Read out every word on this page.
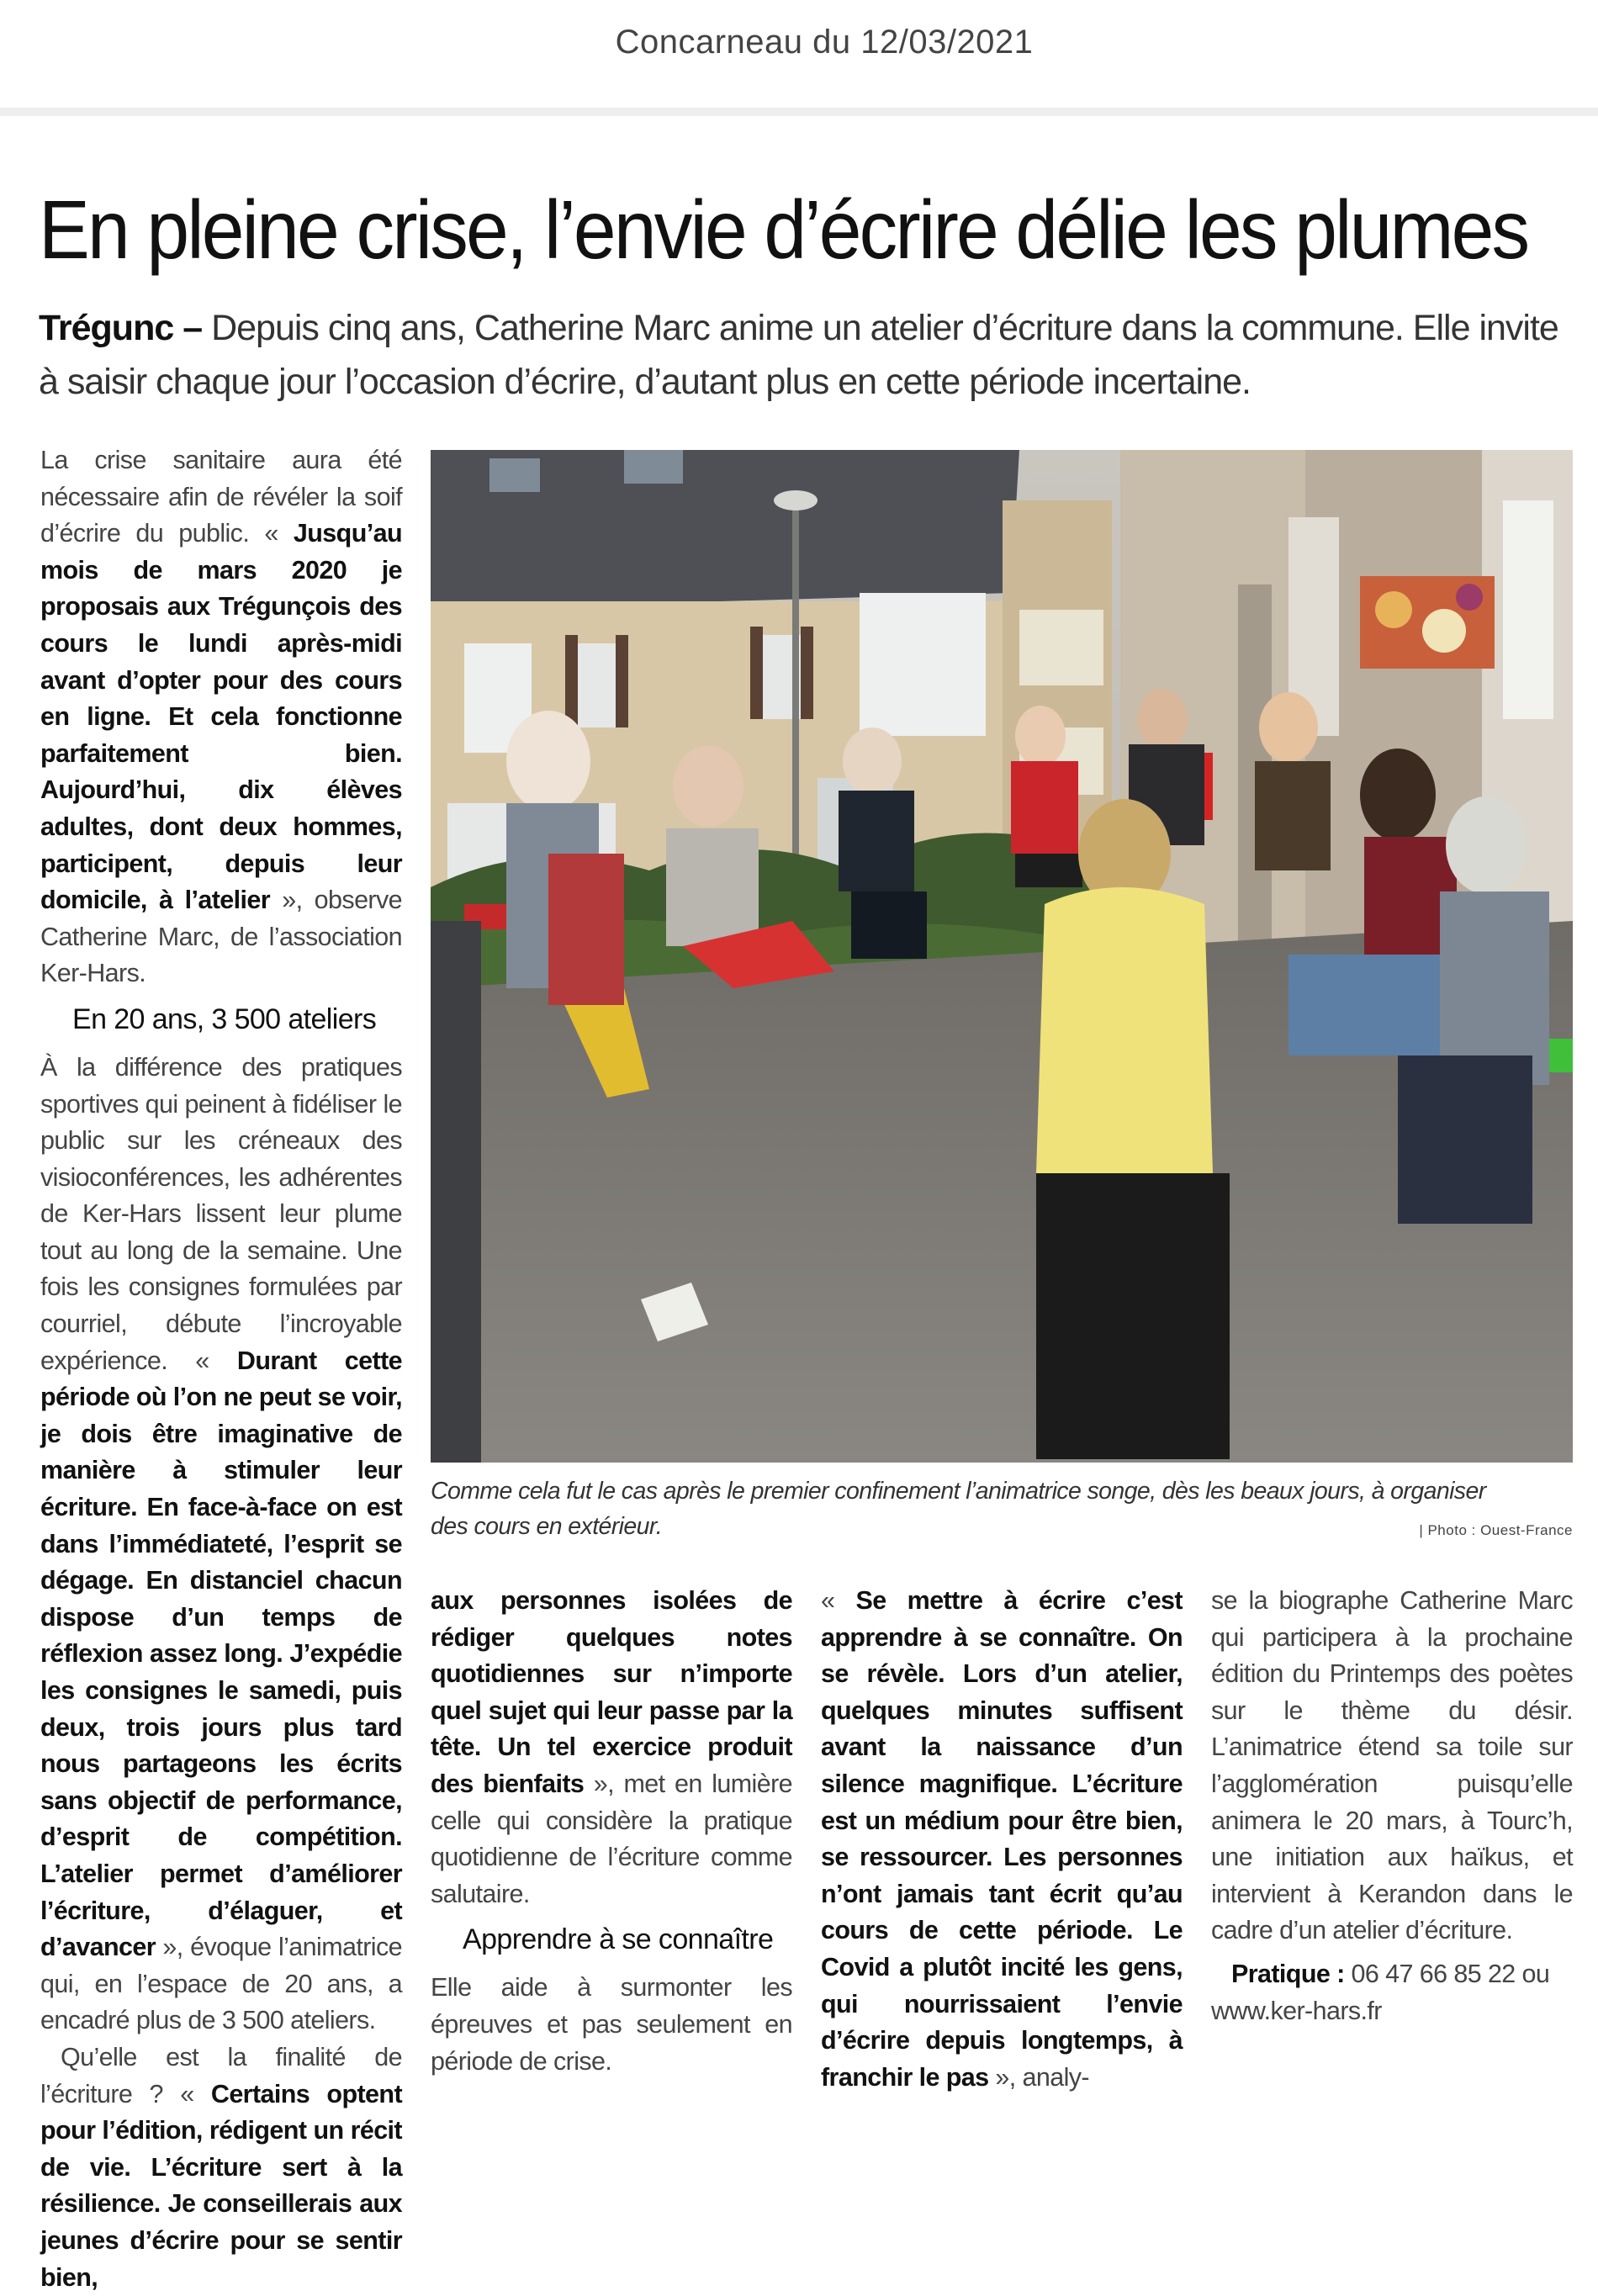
Concarneau du 12/03/2021
En pleine crise, l’envie d’écrire délie les plumes
Trégunc – Depuis cinq ans, Catherine Marc anime un atelier d’écriture dans la commune. Elle invite à saisir chaque jour l’occasion d’écrire, d’autant plus en cette période incertaine.

La crise sanitaire aura été nécessaire afin de révéler la soif d’écrire du public. « Jusqu’au mois de mars 2020 je proposais aux Trégunçois des cours le lundi après-midi avant d’opter pour des cours en ligne. Et cela fonctionne parfaitement bien. Aujourd’hui, dix élèves adultes, dont deux hommes, participent, depuis leur domicile, à l’atelier », observe Catherine Marc, de l’association Ker-Hars.

En 20 ans, 3 500 ateliers

À la différence des pratiques sportives qui peinent à fidéliser le public sur les créneaux des visioconférences, les adhérentes de Ker-Hars lissent leur plume tout au long de la semaine. Une fois les consignes formulées par courriel, débute l’incroyable expérience. « Durant cette période où l’on ne peut se voir, je dois être imaginative de manière à stimuler leur écriture. En face-à-face on est dans l’immédiateté, l’esprit se dégage. En distanciel chacun dispose d’un temps de réflexion assez long. J’expédie les consignes le samedi, puis deux, trois jours plus tard nous partageons les écrits sans objectif de performance, d’esprit de compétition. L’atelier permet d’améliorer l’écriture, d’élaguer, et d’avancer », évoque l’animatrice qui, en l’espace de 20 ans, a encadré plus de 3 500 ateliers.

Qu’elle est la finalité de l’écriture ? « Certains optent pour l’édition, rédigent un récit de vie. L’écriture sert à la résilience. Je conseillerais aux jeunes d’écrire pour se sentir bien,

Comme cela fut le cas après le premier confinement l’animatrice songe, dès les beaux jours, à organiser des cours en extérieur.	| Photo : Ouest-France

aux personnes isolées de rédiger quelques notes quotidiennes sur n’importe quel sujet qui leur passe par la tête. Un tel exercice produit des bienfaits », met en lumière celle qui considère la pratique quotidienne de l’écriture comme salutaire.

Apprendre à se connaître

Elle aide à surmonter les épreuves et pas seulement en période de crise.

« Se mettre à écrire c’est apprendre à se connaître. On se révèle. Lors d’un atelier, quelques minutes suffisent avant la naissance d’un silence magnifique. L’écriture est un médium pour être bien, se ressourcer. Les personnes n’ont jamais tant écrit qu’au cours de cette période. Le Covid a plutôt incité les gens, qui nourrissaient l’envie d’écrire depuis longtemps, à franchir le pas », analy-

se la biographe Catherine Marc qui participera à la prochaine édition du Printemps des poètes sur le thème du désir. L’animatrice étend sa toile sur l’agglomération puisqu’elle animera le 20 mars, à Tourc’h, une initiation aux haïkus, et intervient à Kerandon dans le cadre d’un atelier d’écriture.

Pratique : 06 47 66 85 22 ou

www.ker-hars.fr
